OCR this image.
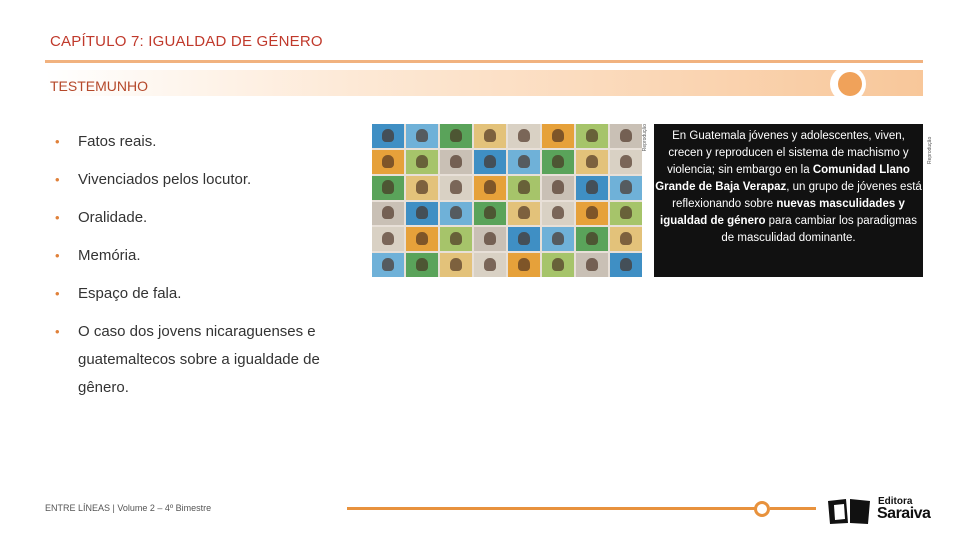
CAPÍTULO 7: IGUALDAD DE GÉNERO
TESTEMUNHO
• Fatos reais.
• Vivenciados pelos locutor.
• Oralidade.
• Memória.
• Espaço de fala.
• O caso dos jovens nicaraguenses e guatemaltecos sobre a igualdade de gênero.
Reprodução	En Guatemala jóvenes y adolescentes, viven, crecen y reproducen el sistema de machismo y violencia; sin embargo en la Comunidad Llano Grande de Baja Verapaz, un grupo de jóvenes está reflexionando sobre nuevas masculidades y igualdad de género para cambiar los paradigmas de masculidad dominante.
Reprodução
ENTRE LÍNEAS | Volume 2 – 4º Bimestre
Editora
Saraiva
